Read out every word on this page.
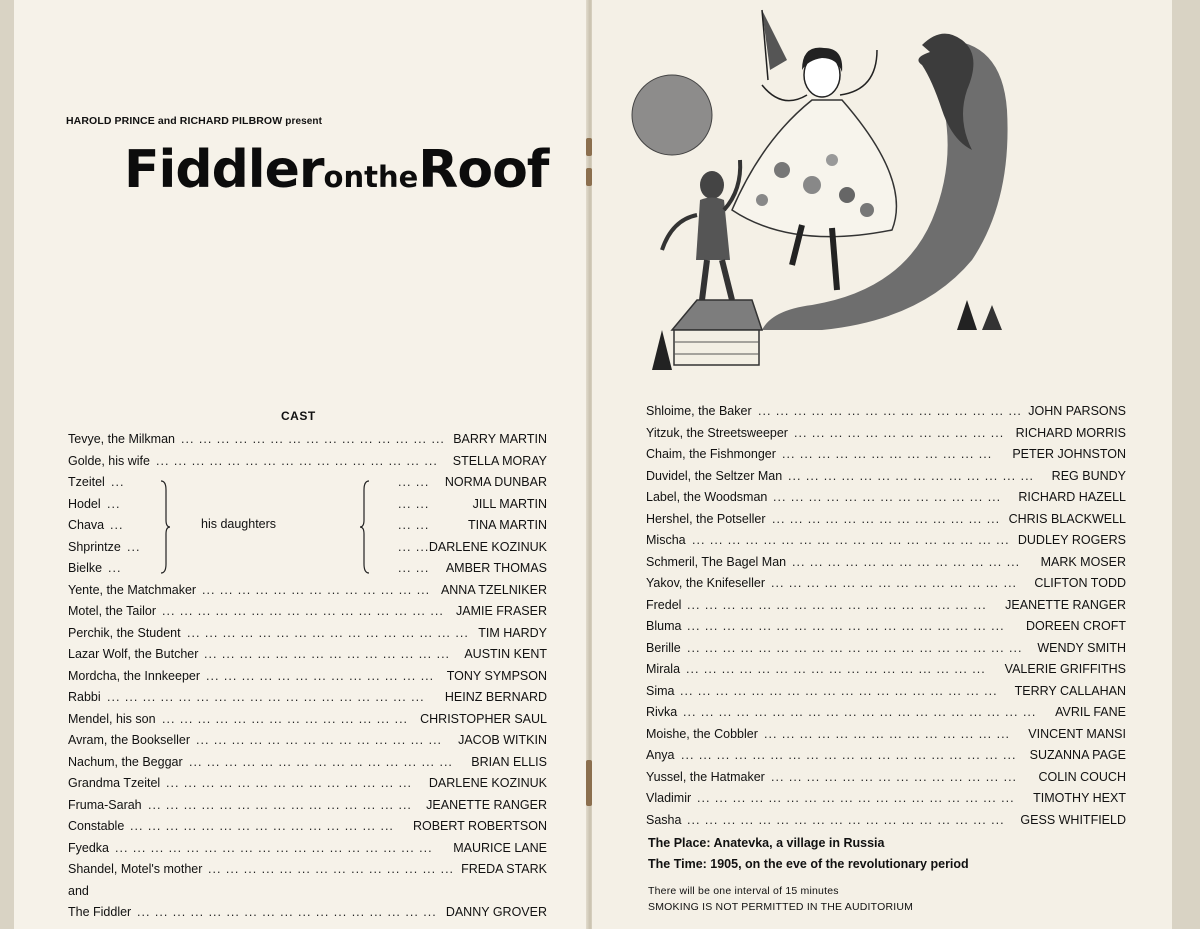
HAROLD PRINCE and RICHARD PILBROW present
FiddlerontheRoof
CAST
Tevye, the Milkman ... ... ... ... ... ... ... ... ... ... ... ... ... ... ... BARRY MARTIN
Golde, his wife ... ... ... ... ... ... ... ... ... ... ... ... ... ... ... ... STELLA MORAY
Tzeitel ...	NORMA DUNBAR
... ...
Hodel ...	JILL MARTIN
... ...
Chava ...	TINA MARTIN
... ...
Shprintze ...	DARLENE KOZINUK
... ...
Bielke ...	AMBER THOMAS
... ...
Yente, the Matchmaker ... ... ... ... ... ... ... ... ... ... ... ... ... ANNA TZELNIKER
Motel, the Tailor ... ... ... ... ... ... ... ... ... ... ... ... ... ... ... ... JAMIE FRASER
Perchik, the Student ... ... ... ... ... ... ... ... ... ... ... ... ... ... ... ... TIM HARDY
Lazar Wolf, the Butcher ... ... ... ... ... ... ... ... ... ... ... ... ... ... AUSTIN KENT
Mordcha, the Innkeeper ... ... ... ... ... ... ... ... ... ... ... ... ... TONY SYMPSON
Rabbi ... ... ... ... ... ... ... ... ... ... ... ... ... ... ... ... ... ... HEINZ BERNARD
Mendel, his son ... ... ... ... ... ... ... ... ... ... ... ... ... ... CHRISTOPHER SAUL
Avram, the Bookseller ... ... ... ... ... ... ... ... ... ... ... ... ... ... JACOB WITKIN
Nachum, the Beggar ... ... ... ... ... ... ... ... ... ... ... ... ... ... ... BRIAN ELLIS
Grandma Tzeitel ... ... ... ... ... ... ... ... ... ... ... ... ... ... DARLENE KOZINUK
Fruma-Sarah ... ... ... ... ... ... ... ... ... ... ... ... ... ... ... JEANETTE RANGER
Constable ... ... ... ... ... ... ... ... ... ... ... ... ... ... ... ROBERT ROBERTSON
Fyedka ... ... ... ... ... ... ... ... ... ... ... ... ... ... ... ... ... ... MAURICE LANE
Shandel, Motel's mother ... ... ... ... ... ... ... ... ... ... ... ... ... ... FREDA STARK
and
The Fiddler ... ... ... ... ... ... ... ... ... ... ... ... ... ... ... ... ... DANNY GROVER
his daughters
Shloime, the Baker ... ... ... ... ... ... ... ... ... ... ... ... ... ... ... JOHN PARSONS
Yitzuk, the Streetsweeper ... ... ... ... ... ... ... ... ... ... ... ... RICHARD MORRIS
Chaim, the Fishmonger ... ... ... ... ... ... ... ... ... ... ... ... PETER JOHNSTON
Duvidel, the Seltzer Man ... ... ... ... ... ... ... ... ... ... ... ... ... ... REG BUNDY
Label, the Woodsman ... ... ... ... ... ... ... ... ... ... ... ... ... RICHARD HAZELL
Hershel, the Potseller ... ... ... ... ... ... ... ... ... ... ... ... ... CHRIS BLACKWELL
Mischa ... ... ... ... ... ... ... ... ... ... ... ... ... ... ... ... ... ... DUDLEY ROGERS
Schmeril, The Bagel Man ... ... ... ... ... ... ... ... ... ... ... ... ... MARK MOSER
Yakov, the Knifeseller ... ... ... ... ... ... ... ... ... ... ... ... ... ... CLIFTON TODD
Fredel ... ... ... ... ... ... ... ... ... ... ... ... ... ... ... ... ... JEANETTE RANGER
Bluma ... ... ... ... ... ... ... ... ... ... ... ... ... ... ... ... ... ... DOREEN CROFT
Berille ... ... ... ... ... ... ... ... ... ... ... ... ... ... ... ... ... ... ... WENDY SMITH
Mirala ... ... ... ... ... ... ... ... ... ... ... ... ... ... ... ... ... VALERIE GRIFFITHS
Sima ... ... ... ... ... ... ... ... ... ... ... ... ... ... ... ... ... ... TERRY CALLAHAN
Rivka ... ... ... ... ... ... ... ... ... ... ... ... ... ... ... ... ... ... ... ... AVRIL FANE
Moishe, the Cobbler ... ... ... ... ... ... ... ... ... ... ... ... ... ... VINCENT MANSI
Anya ... ... ... ... ... ... ... ... ... ... ... ... ... ... ... ... ... ... ... SUZANNA PAGE
Yussel, the Hatmaker ... ... ... ... ... ... ... ... ... ... ... ... ... ... COLIN COUCH
Vladimir ... ... ... ... ... ... ... ... ... ... ... ... ... ... ... ... ... ... TIMOTHY HEXT
Sasha ... ... ... ... ... ... ... ... ... ... ... ... ... ... ... ... ... ... GESS WHITFIELD
The Place: Anatevka, a village in Russia
The Time: 1905, on the eve of the revolutionary period
There will be one interval of 15 minutes
SMOKING IS NOT PERMITTED IN THE AUDITORIUM
